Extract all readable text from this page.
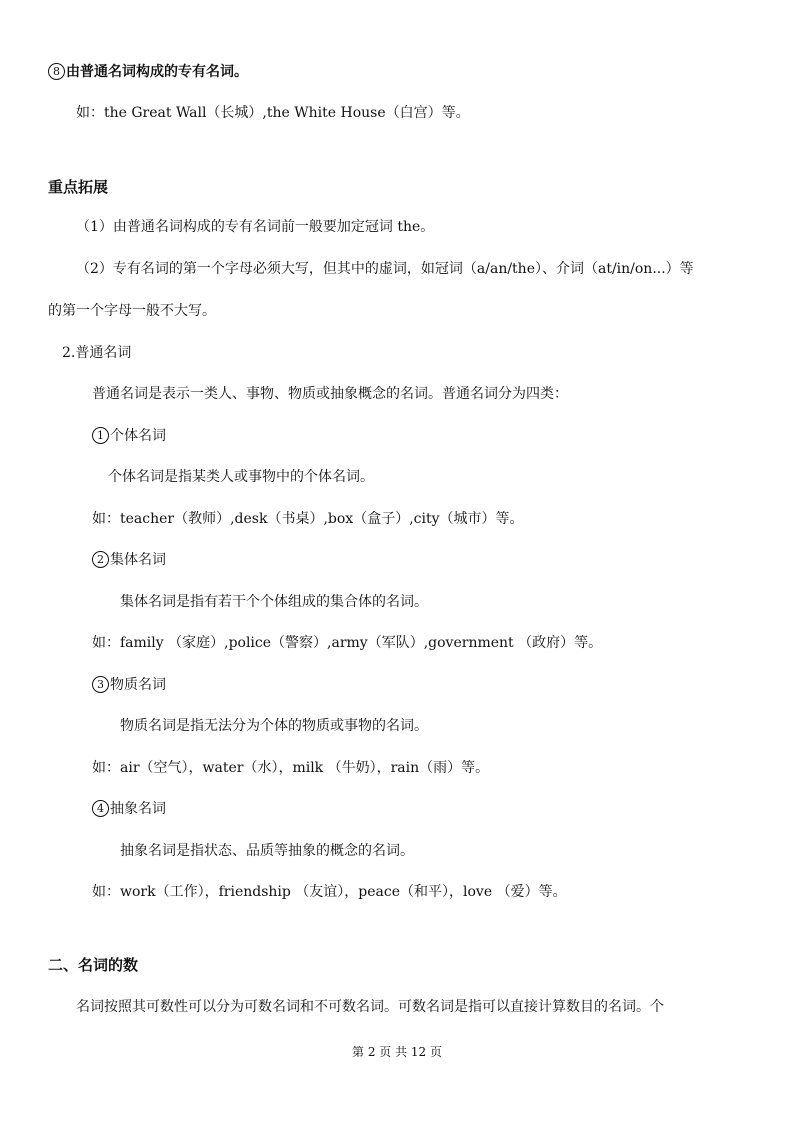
8 由普通名词构成的专有名词。
如：the Great Wall（长城）,the White House（白宫）等。
重点拓展
（1）由普通名词构成的专有名词前一般要加定冠词 the。
（2）专有名词的第一个字母必须大写，但其中的虚词，如冠词（a/an/the）、介词（at/in/on...）等
的第一个字母一般不大写。
2.普通名词
普通名词是表示一类人、事物、物质或抽象概念的名词。普通名词分为四类：
1 个体名词
个体名词是指某类人或事物中的个体名词。
如：teacher（教师）,desk（书桌）,box（盒子）,city（城市）等。
2 集体名词
集体名词是指有若干个个体组成的集合体的名词。
如：family （家庭）,police（警察）,army（军队）,government （政府）等。
3 物质名词
物质名词是指无法分为个体的物质或事物的名词。
如：air（空气），water（水），milk （牛奶），rain（雨）等。
4 抽象名词
抽象名词是指状态、品质等抽象的概念的名词。
如：work（工作），friendship （友谊），peace（和平），love （爱）等。
二、名词的数
名词按照其可数性可以分为可数名词和不可数名词。可数名词是指可以直接计算数目的名词。个
第 2 页 共 12 页
